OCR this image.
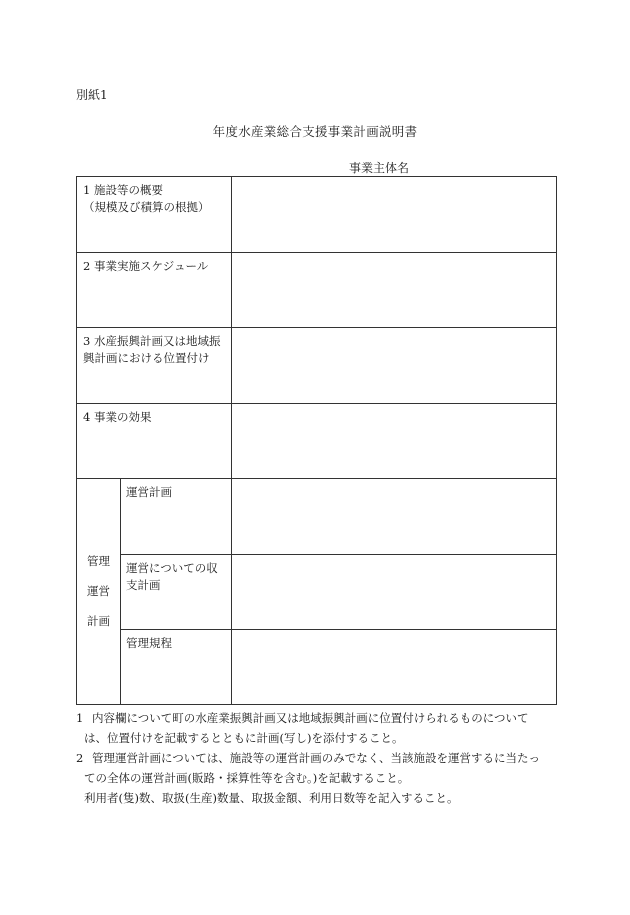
別紙1
年度水産業総合支援事業計画説明書
事業主体名
1 施設等の概要
（規模及び積算の根拠）		

2 事業実施スケジュール		

3 水産振興計画又は地域振
興計画における位置付け		

4 事業の効果		

管理
運営
計画	運営計画	

	運営についての収
支計画	

	管理規程	

1 内容欄について町の水産業振興計画又は地域振興計画に位置付けられるものについて
は、位置付けを記載するとともに計画(写し)を添付すること。
2 管理運営計画については、施設等の運営計画のみでなく、当該施設を運営するに当たっ
ての全体の運営計画(販路・採算性等を含む。)を記載すること。
利用者(隻)数、取扱(生産)数量、取扱金額、利用日数等を記入すること。
